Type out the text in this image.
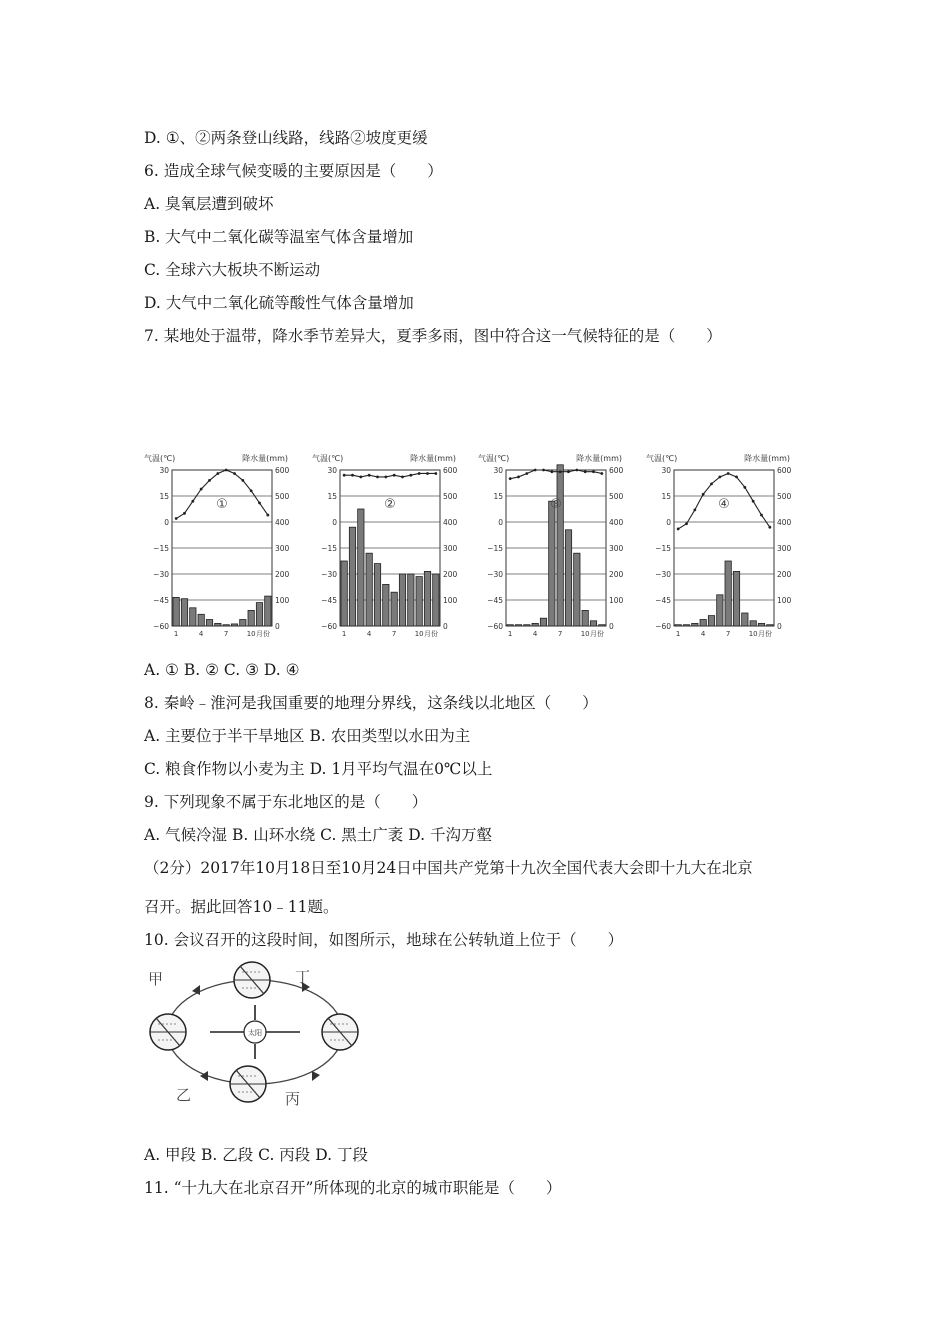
D. ①、②两条登山线路，线路②坡度更缓
6. 造成全球气候变暖的主要原因是（　　）
A. 臭氧层遭到破坏
B. 大气中二氧化碳等温室气体含量增加
C. 全球六大板块不断运动
D. 大气中二氧化硫等酸性气体含量增加
7. 某地处于温带，降水季节差异大，夏季多雨，图中符合这一气候特征的是（　　）
气温(℃)	降水量(mm)
30	600
15	500
0	400
−15	300
−30	200
−45	100
−60	0
①
1	4	7	10 月份
气温(℃)	降水量(mm)
30	600
15	500
0	400
−15	300
−30	200
−45	100
−60	0
②
1	4	7	10 月份
气温(℃)	降水量(mm)
30	600
15	500
0	400
−15	300
−30	200
−45	100
−60	0
③
1	4	7	10 月份
气温(℃)	降水量(mm)
30	600
15	500
0	400
−15	300
−30	200
−45	100
−60	0
④
1	4	7	10 月份
A. ① B. ② C. ③ D. ④
8. 秦岭﹣淮河是我国重要的地理分界线，这条线以北地区（　　）
A. 主要位于半干旱地区 B. 农田类型以水田为主
C. 粮食作物以小麦为主 D. 1月平均气温在0℃以上
9. 下列现象不属于东北地区的是（　　）
A. 气候冷湿 B. 山环水绕 C. 黑土广袤 D. 千沟万壑
（2分）2017年10月18日至10月24日中国共产党第十九次全国代表大会即十九大在北京
召开。据此回答10﹣11题。
10. 会议召开的这段时间，如图所示，地球在公转轨道上位于（　　）
太阳
甲	丁
乙	丙
A. 甲段 B. 乙段 C. 丙段 D. 丁段
11. “十九大在北京召开”所体现的北京的城市职能是（　　）
